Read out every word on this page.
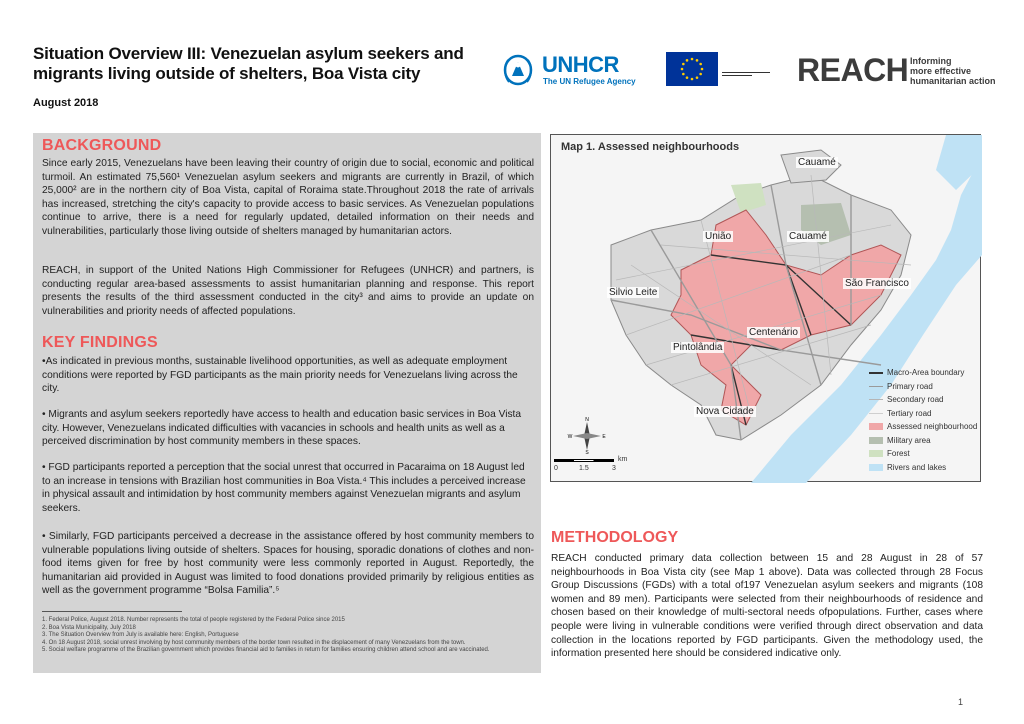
Situation Overview III: Venezuelan asylum seekers and
migrants living outside of shelters, Boa Vista city
August 2018
UNHCR
The UN Refugee Agency	REACH Informing
more effective
humanitarian action
BACKGROUND
Since early 2015, Venezuelans have been leaving their country of origin due to social, economic and political turmoil. An estimated 75,560¹ Venezuelan asylum seekers and migrants are currently in Brazil, of which 25,000² are in the northern city of Boa Vista, capital of Roraima state.Throughout 2018 the rate of arrivals has increased, stretching the city's capacity to provide access to basic services. As Venezuelan populations continue to arrive, there is a need for regularly updated, detailed information on their needs and vulnerabilities, particularly those living outside of shelters managed by humanitarian actors.
REACH, in support of the United Nations High Commissioner for Refugees (UNHCR) and partners, is conducting regular area-based assessments to assist humanitarian planning and response. This report presents the results of the third assessment conducted in the city³ and aims to provide an update on vulnerabilities and priority needs of affected populations.
KEY FINDINGS
•As indicated in previous months, sustainable livelihood opportunities, as well as adequate employment conditions were reported by FGD participants as the main priority needs for Venezuelans living across the city.
• Migrants and asylum seekers reportedly have access to health and education basic services in Boa Vista city. However, Venezuelans indicated difficulties with vacancies in schools and health units as well as a perceived discrimination by host community members in these spaces.
• FGD participants reported a perception that the social unrest that occurred in Pacaraima on 18 August led to an increase in tensions with Brazilian host communities in Boa Vista.⁴ This includes a perceived increase in physical assault and intimidation by host community members against Venezuelan migrants and asylum seekers.
• Similarly, FGD participants perceived a decrease in the assistance offered by host community members to vulnerable populations living outside of shelters. Spaces for housing, sporadic donations of clothes and non-food items given for free by host community were less commonly reported in August. Reportedly, the humanitarian aid provided in August was limited to food donations provided primarily by religious entities as well as the government programme “Bolsa Familia”.⁵
1. Federal Police, August 2018. Number represents the total of people registered by the Federal Police since 2015
2. Boa Vista Municipality, July 2018
3. The Situation Overview from July is available here: English, Portuguese
4. On 18 August 2018, social unrest involving by host community members of the border town resulted in the displacement of many Venezuelans from the town.
5. Social welfare programme of the Brazilian government which provides financial aid to families in return for families ensuring children attend school and are vaccinated.
Map 1. Assessed neighbourhoods
Cauamé
União	Cauamé
Silvio Leite
São Francisco
Centenário
Pintolândia
Nova Cidade
Macro-Area boundary
Primary road
Secondary road
Tertiary road
Assessed neighbourhood
Military area
Forest
Rivers and lakes
N
S
W	E
0	1.5	3
km
METHODOLOGY
REACH conducted primary data collection between 15 and 28 August in 28 of 57 neighbourhoods in Boa Vista city (see Map 1 above). Data was collected through 28 Focus Group Discussions (FGDs) with a total of197 Venezuelan asylum seekers and migrants (108 women and 89 men). Participants were selected from their neighbourhoods of residence and chosen based on their knowledge of multi-sectoral needs ofpopulations. Further, cases where people were living in vulnerable conditions were verified through direct observation and data collection in the locations reported by FGD participants. Given the methodology used, the information presented here should be considered indicative only.
1
